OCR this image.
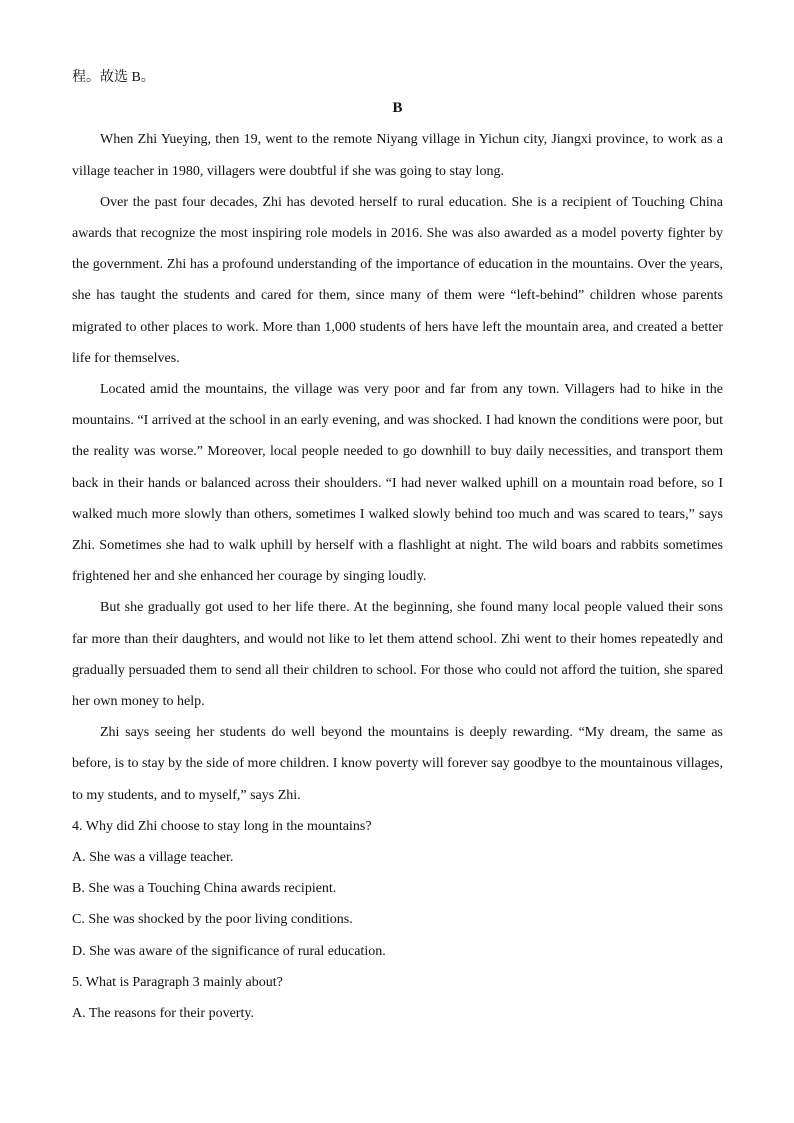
程。故选 B。

B

When Zhi Yueying, then 19, went to the remote Niyang village in Yichun city, Jiangxi province, to work as a village teacher in 1980, villagers were doubtful if she was going to stay long.

Over the past four decades, Zhi has devoted herself to rural education. She is a recipient of Touching China awards that recognize the most inspiring role models in 2016. She was also awarded as a model poverty fighter by the government. Zhi has a profound understanding of the importance of education in the mountains. Over the years, she has taught the students and cared for them, since many of them were “left-behind” children whose parents migrated to other places to work. More than 1,000 students of hers have left the mountain area, and created a better life for themselves.

Located amid the mountains, the village was very poor and far from any town. Villagers had to hike in the mountains. “I arrived at the school in an early evening, and was shocked. I had known the conditions were poor, but the reality was worse.” Moreover, local people needed to go downhill to buy daily necessities, and transport them back in their hands or balanced across their shoulders. “I had never walked uphill on a mountain road before, so I walked much more slowly than others, sometimes I walked slowly behind too much and was scared to tears,” says Zhi. Sometimes she had to walk uphill by herself with a flashlight at night. The wild boars and rabbits sometimes frightened her and she enhanced her courage by singing loudly.

But she gradually got used to her life there. At the beginning, she found many local people valued their sons far more than their daughters, and would not like to let them attend school. Zhi went to their homes repeatedly and gradually persuaded them to send all their children to school. For those who could not afford the tuition, she spared her own money to help.

Zhi says seeing her students do well beyond the mountains is deeply rewarding. “My dream, the same as before, is to stay by the side of more children. I know poverty will forever say goodbye to the mountainous villages, to my students, and to myself,” says Zhi.

4. Why did Zhi choose to stay long in the mountains?

A. She was a village teacher.

B. She was a Touching China awards recipient.

C. She was shocked by the poor living conditions.

D. She was aware of the significance of rural education.

5. What is Paragraph 3 mainly about?

A. The reasons for their poverty.
